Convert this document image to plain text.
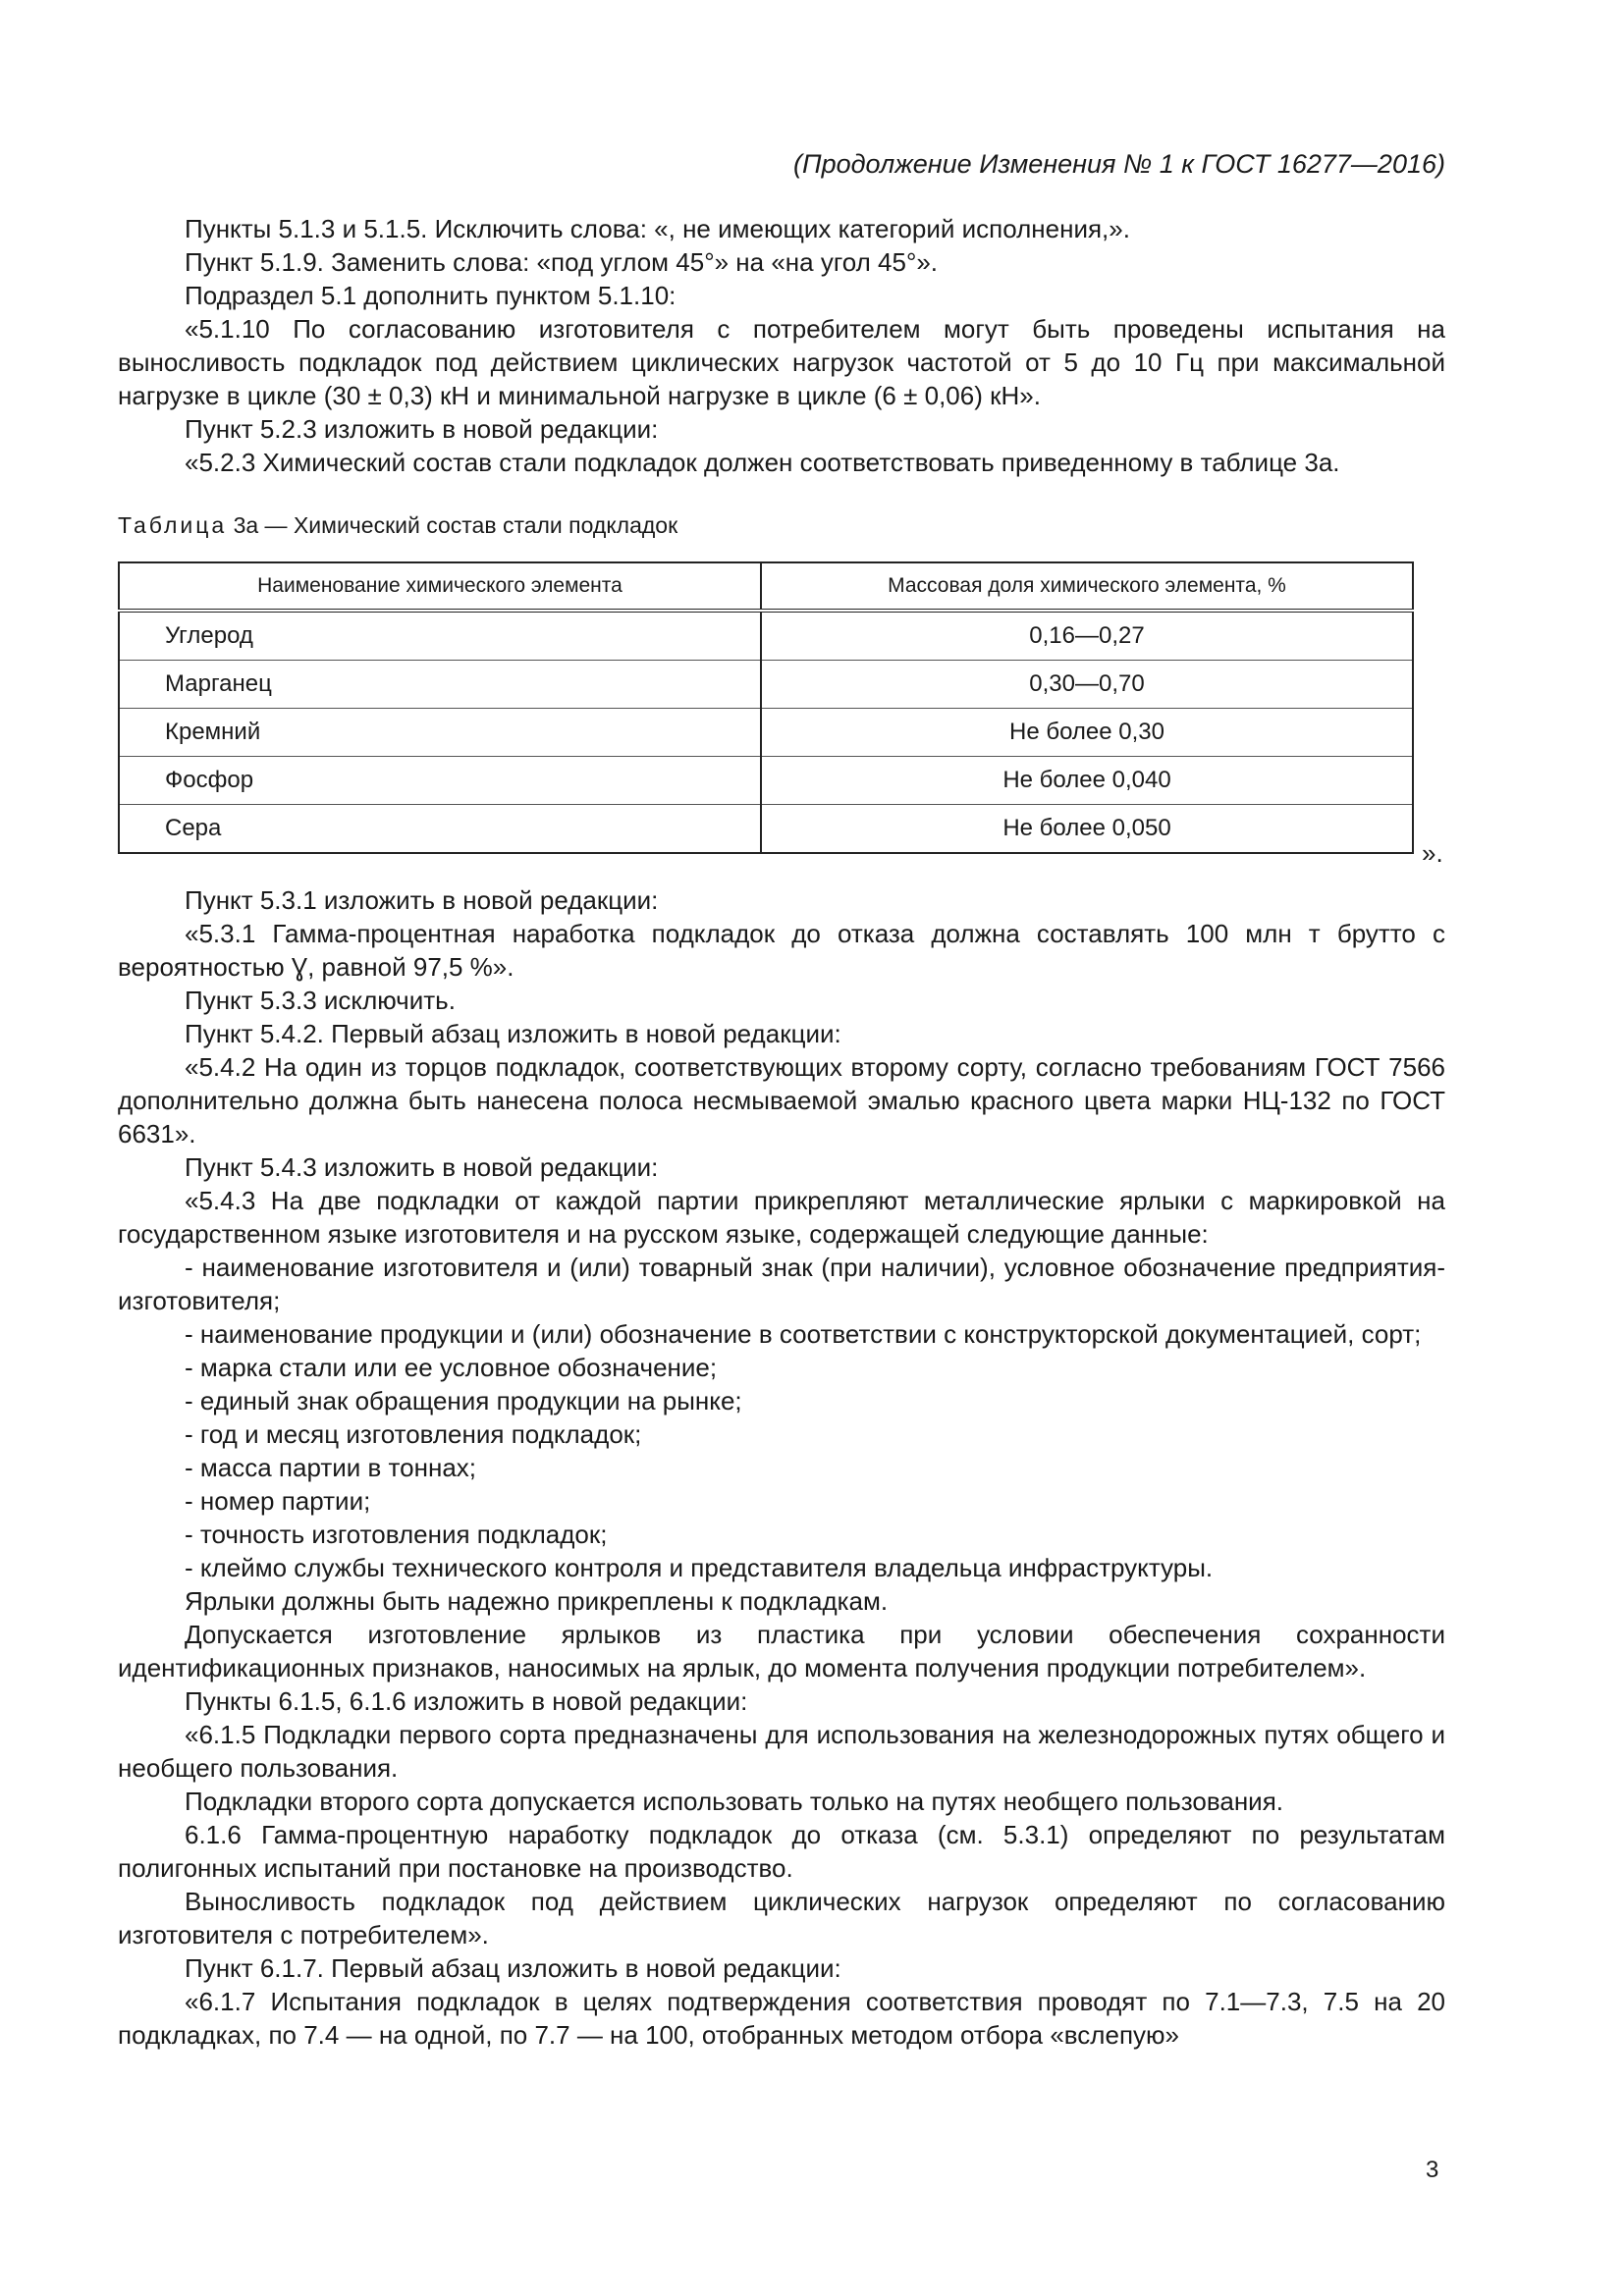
(Продолжение Изменения № 1 к ГОСТ 16277—2016)

Пункты 5.1.3 и 5.1.5. Исключить слова: «, не имеющих категорий исполнения,».

Пункт 5.1.9. Заменить слова: «под углом 45°» на «на угол 45°».

Подраздел 5.1 дополнить пунктом 5.1.10:

«5.1.10 По согласованию изготовителя с потребителем могут быть проведены испытания на выносливость подкладок под действием циклических нагрузок частотой от 5 до 10 Гц при максимальной нагрузке в цикле (30 ± 0,3) кН и минимальной нагрузке в цикле (6 ± 0,06) кН».

Пункт 5.2.3 изложить в новой редакции:

«5.2.3 Химический состав стали подкладок должен соответствовать приведенному в таблице 3а.

Таблица 3а — Химический состав стали подкладок
Наименование химического элемента	Массовая доля химического элемента, %
Углерод	0,16—0,27
Марганец	0,30—0,70
Кремний	Не более 0,30
Фосфор	Не более 0,040
Сера	Не более 0,050
».

Пункт 5.3.1 изложить в новой редакции:

«5.3.1 Гамма-процентная наработка подкладок до отказа должна составлять 100 млн т брутто с вероятностью Ɣ, равной 97,5 %».

Пункт 5.3.3 исключить.

Пункт 5.4.2. Первый абзац изложить в новой редакции:

«5.4.2 На один из торцов подкладок, соответствующих второму сорту, согласно требованиям ГОСТ 7566 дополнительно должна быть нанесена полоса несмываемой эмалью красного цвета марки НЦ-132 по ГОСТ 6631».

Пункт 5.4.3 изложить в новой редакции:

«5.4.3 На две подкладки от каждой партии прикрепляют металлические ярлыки с маркировкой на государственном языке изготовителя и на русском языке, содержащей следующие данные:

- наименование изготовителя и (или) товарный знак (при наличии), условное обозначение предприятия-изготовителя;

- наименование продукции и (или) обозначение в соответствии с конструкторской документацией, сорт;

- марка стали или ее условное обозначение;

- единый знак обращения продукции на рынке;

- год и месяц изготовления подкладок;

- масса партии в тоннах;

- номер партии;

- точность изготовления подкладок;

- клеймо службы технического контроля и представителя владельца инфраструктуры.

Ярлыки должны быть надежно прикреплены к подкладкам.

Допускается изготовление ярлыков из пластика при условии обеспечения сохранности идентификационных признаков, наносимых на ярлык, до момента получения продукции потребителем».

Пункты 6.1.5, 6.1.6 изложить в новой редакции:

«6.1.5 Подкладки первого сорта предназначены для использования на железнодорожных путях общего и необщего пользования.

Подкладки второго сорта допускается использовать только на путях необщего пользования.

6.1.6 Гамма-процентную наработку подкладок до отказа (см. 5.3.1) определяют по результатам полигонных испытаний при постановке на производство.

Выносливость подкладок под действием циклических нагрузок определяют по согласованию изготовителя с потребителем».

Пункт 6.1.7. Первый абзац изложить в новой редакции:

«6.1.7 Испытания подкладок в целях подтверждения соответствия проводят по 7.1—7.3, 7.5 на 20 подкладках, по 7.4 — на одной, по 7.7 — на 100, отобранных методом отбора «вслепую»

3
